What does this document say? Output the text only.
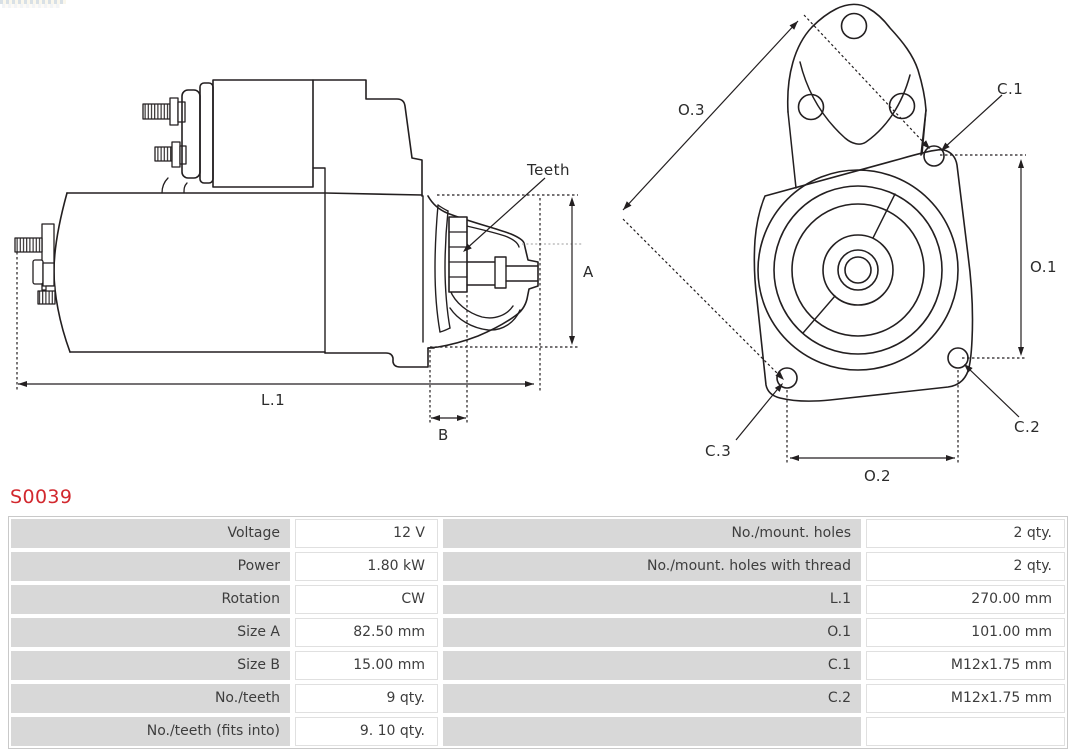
Teeth
A
B
L.1
O.3
C.1
O.1
C.2
C.3
O.2
S0039
Voltage	12 V	No./mount. holes	2 qty.
Power	1.80 kW	No./mount. holes with thread	2 qty.
Rotation	CW	L.1	270.00 mm
Size A	82.50 mm	O.1	101.00 mm
Size B	15.00 mm	C.1	M12x1.75 mm
No./teeth	9 qty.	C.2	M12x1.75 mm
No./teeth (fits into)	9. 10 qty.
